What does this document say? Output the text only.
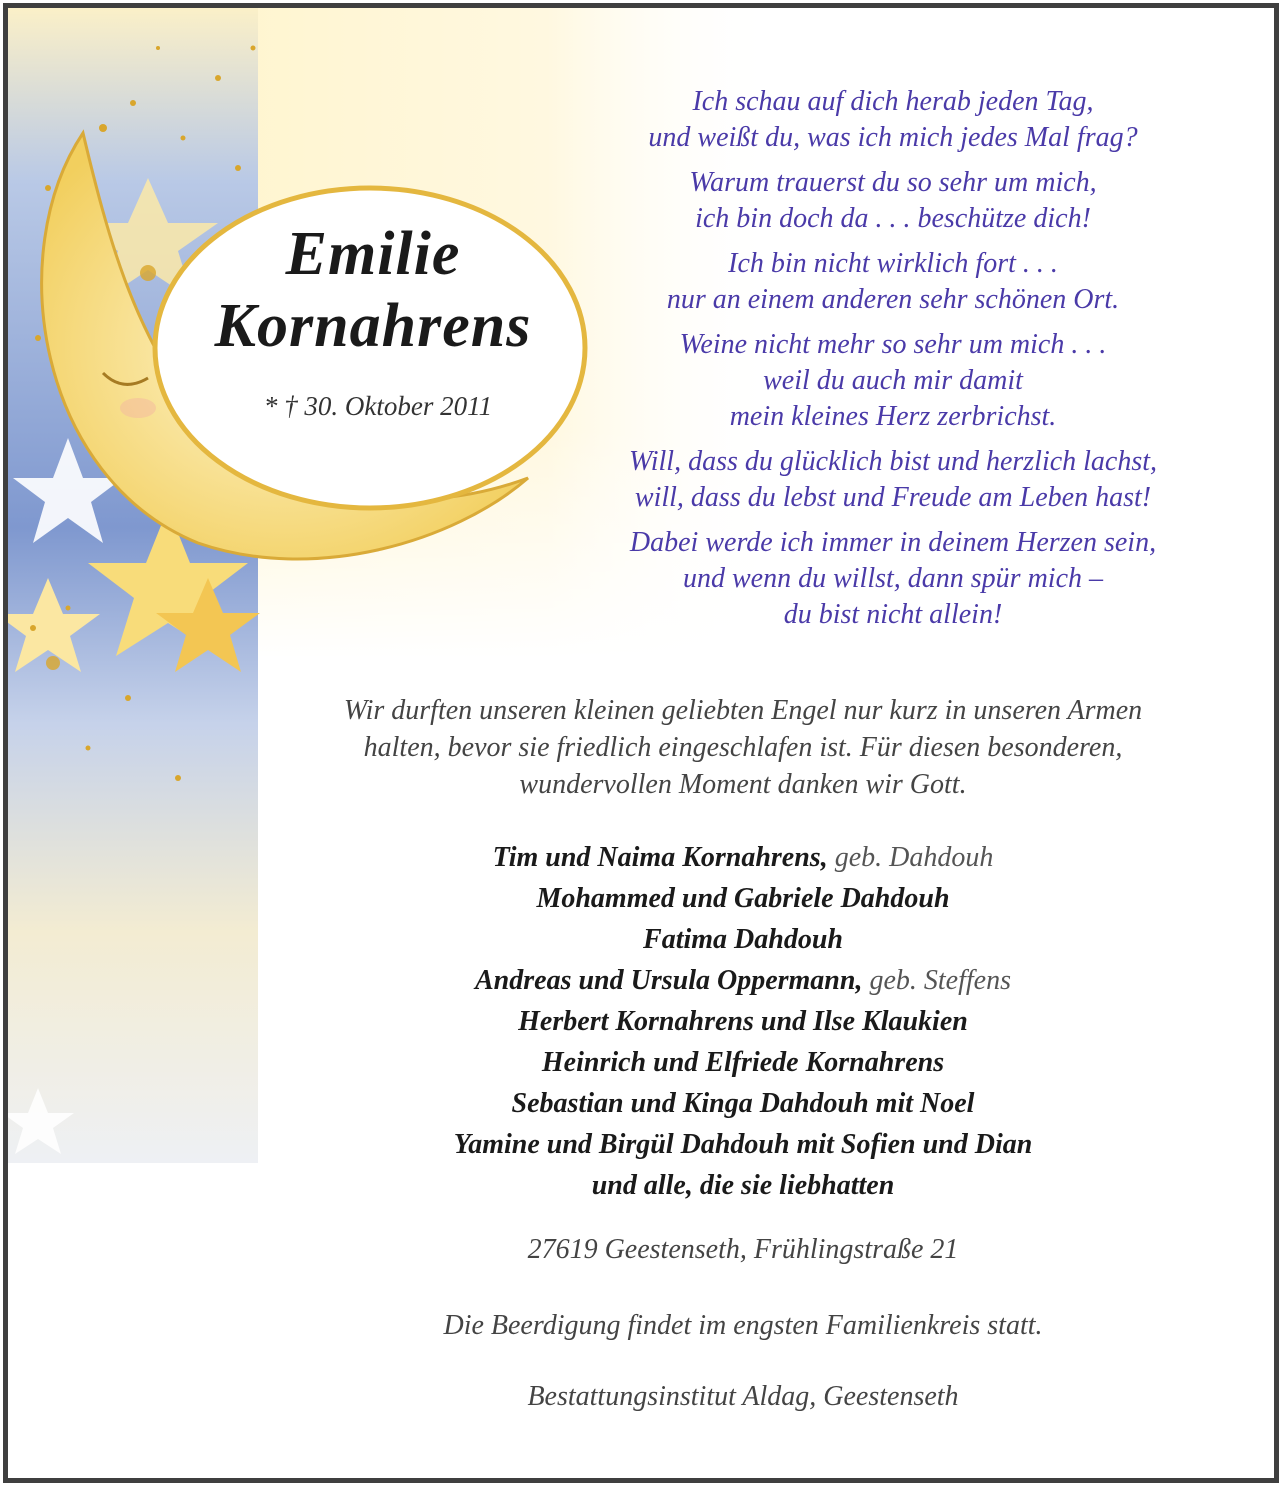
Emilie
Kornahrens
* † 30. Oktober 2011
Ich schau auf dich herab jeden Tag,
und weißt du, was ich mich jedes Mal frag?
Warum trauerst du so sehr um mich,
ich bin doch da . . . beschütze dich!
Ich bin nicht wirklich fort . . .
nur an einem anderen sehr schönen Ort.
Weine nicht mehr so sehr um mich . . .
weil du auch mir damit
mein kleines Herz zerbrichst.
Will, dass du glücklich bist und herzlich lachst,
will, dass du lebst und Freude am Leben hast!
Dabei werde ich immer in deinem Herzen sein,
und wenn du willst, dann spür mich –
du bist nicht allein!
Wir durften unseren kleinen geliebten Engel nur kurz in unseren Armen
halten, bevor sie friedlich eingeschlafen ist. Für diesen besonderen,
wundervollen Moment danken wir Gott.
Tim und Naima Kornahrens, geb. Dahdouh
Mohammed und Gabriele Dahdouh
Fatima Dahdouh
Andreas und Ursula Oppermann, geb. Steffens
Herbert Kornahrens und Ilse Klaukien
Heinrich und Elfriede Kornahrens
Sebastian und Kinga Dahdouh mit Noel
Yamine und Birgül Dahdouh mit Sofien und Dian
und alle, die sie liebhatten
27619 Geestenseth, Frühlingstraße 21
Die Beerdigung findet im engsten Familienkreis statt.
Bestattungsinstitut Aldag, Geestenseth
